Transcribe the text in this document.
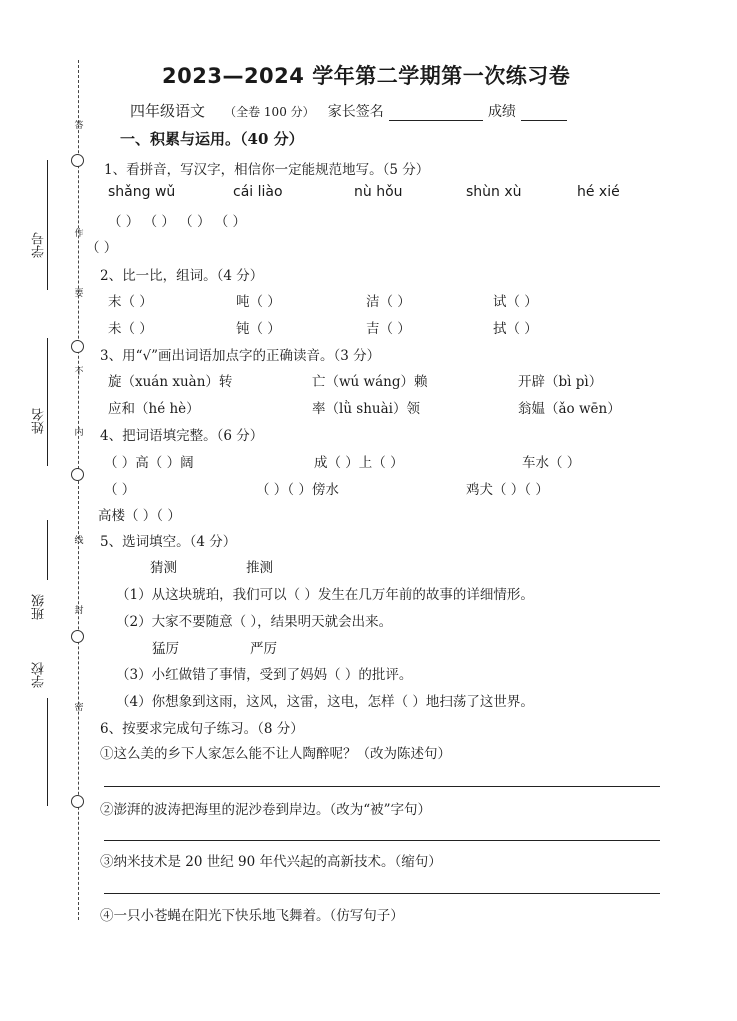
答
作
要
不
内
线
封
密
学号
姓名
班级
学校
2023—2024 学年第二学期第一次练习卷
四年级语文 （全卷 100 分） 家长签名	成绩
一、积累与运用。（40 分）
1、看拼音，写汉字，相信你一定能规范地写。（5 分）
shǎng wǔ	cái liào	nù hǒu	shùn xù	hé xié
（ ） （ ） （ ） （ ）
（ ）
2、比一比，组词。（4 分）
末（ ）	吨（ ）	洁（ ）	试（ ）
未（ ）	钝（ ）	吉（ ）	拭（ ）
3、用“√”画出词语加点字的正确读音。（3 分）
旋（xuán xuàn）转	亡（wú wáng）赖	开辟（bì pì）
应和（hé hè）	率（lǜ shuài）领	翁媪（ǎo wēn）
4、把词语填完整。（6 分）
（ ）高（ ）阔	成（ ）上（ ）	车水（ ）
（ ）	（ ）（ ）傍水	鸡犬（ ）（ ）
高楼（ ）（ ）
5、选词填空。（4 分）
猜测	推测
（1）从这块琥珀，我们可以（ ）发生在几万年前的故事的详细情形。
（2）大家不要随意（ ），结果明天就会出来。
猛厉	严厉
（3）小红做错了事情，受到了妈妈（ ）的批评。
（4）你想象到这雨，这风，这雷，这电，怎样（ ）地扫荡了这世界。
6、按要求完成句子练习。（8 分）
①这么美的乡下人家怎么能不让人陶醉呢？（改为陈述句）
②澎湃的波涛把海里的泥沙卷到岸边。（改为“被”字句）
③纳米技术是 20 世纪 90 年代兴起的高新技术。（缩句）
④一只小苍蝇在阳光下快乐地飞舞着。（仿写句子）
